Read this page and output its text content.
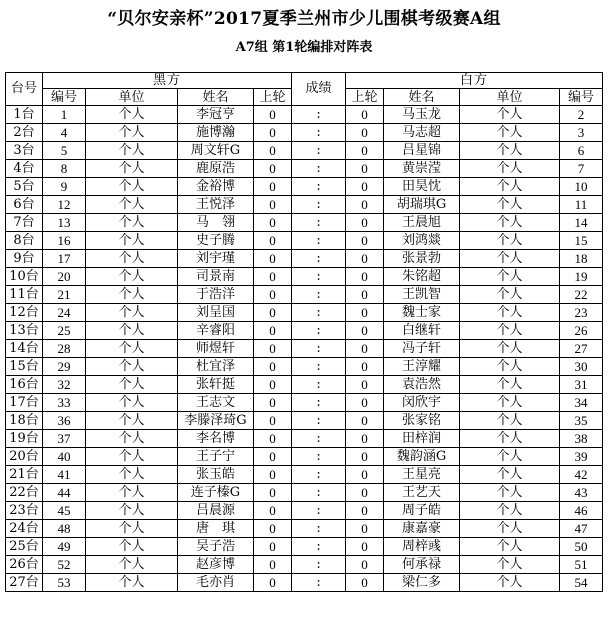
“贝尔安亲杯”2017夏季兰州市少儿围棋考级赛A组
A7组 第1轮编排对阵表
台号	黑方				成绩	白方			
	编号	单位	姓名	上轮		上轮	姓名	单位	编号
1台	1	个人	李冠亨	0	:	0	马玉龙	个人	2
2台	4	个人	施博瀚	0	:	0	马志超	个人	3
3台	5	个人	周文轩G	0	:	0	吕星锦	个人	6
4台	8	个人	鹿原浩	0	:	0	黄崇滢	个人	7
5台	9	个人	金裕博	0	:	0	田昊忱	个人	10
6台	12	个人	王悦泽	0	:	0	胡瑞琪G	个人	11
7台	13	个人	马　翎	0	:	0	王晨旭	个人	14
8台	16	个人	史子腾	0	:	0	刘鸿燚	个人	15
9台	17	个人	刘宇瑾	0	:	0	张景勃	个人	18
10台	20	个人	司景南	0	:	0	朱铭超	个人	19
11台	21	个人	于浩洋	0	:	0	王凯智	个人	22
12台	24	个人	刘呈国	0	:	0	魏士家	个人	23
13台	25	个人	辛睿阳	0	:	0	白继轩	个人	26
14台	28	个人	师煜轩	0	:	0	冯子轩	个人	27
15台	29	个人	杜宜泽	0	:	0	王淳耀	个人	30
16台	32	个人	张轩挺	0	:	0	袁浩然	个人	31
17台	33	个人	王志文	0	:	0	闵欣宇	个人	34
18台	36	个人	李滕泽琦G	0	:	0	张家铭	个人	35
19台	37	个人	李名博	0	:	0	田梓润	个人	38
20台	40	个人	王子宁	0	:	0	魏韵涵G	个人	39
21台	41	个人	张玉皓	0	:	0	王星亮	个人	42
22台	44	个人	连子榛G	0	:	0	王艺天	个人	43
23台	45	个人	吕晨源	0	:	0	周子皓	个人	46
24台	48	个人	唐　琪	0	:	0	康嘉豪	个人	47
25台	49	个人	吴子浩	0	:	0	周梓彧	个人	50
26台	52	个人	赵彦博	0	:	0	何承禄	个人	51
27台	53	个人	毛亦肖	0	:	0	梁仁多	个人	54
